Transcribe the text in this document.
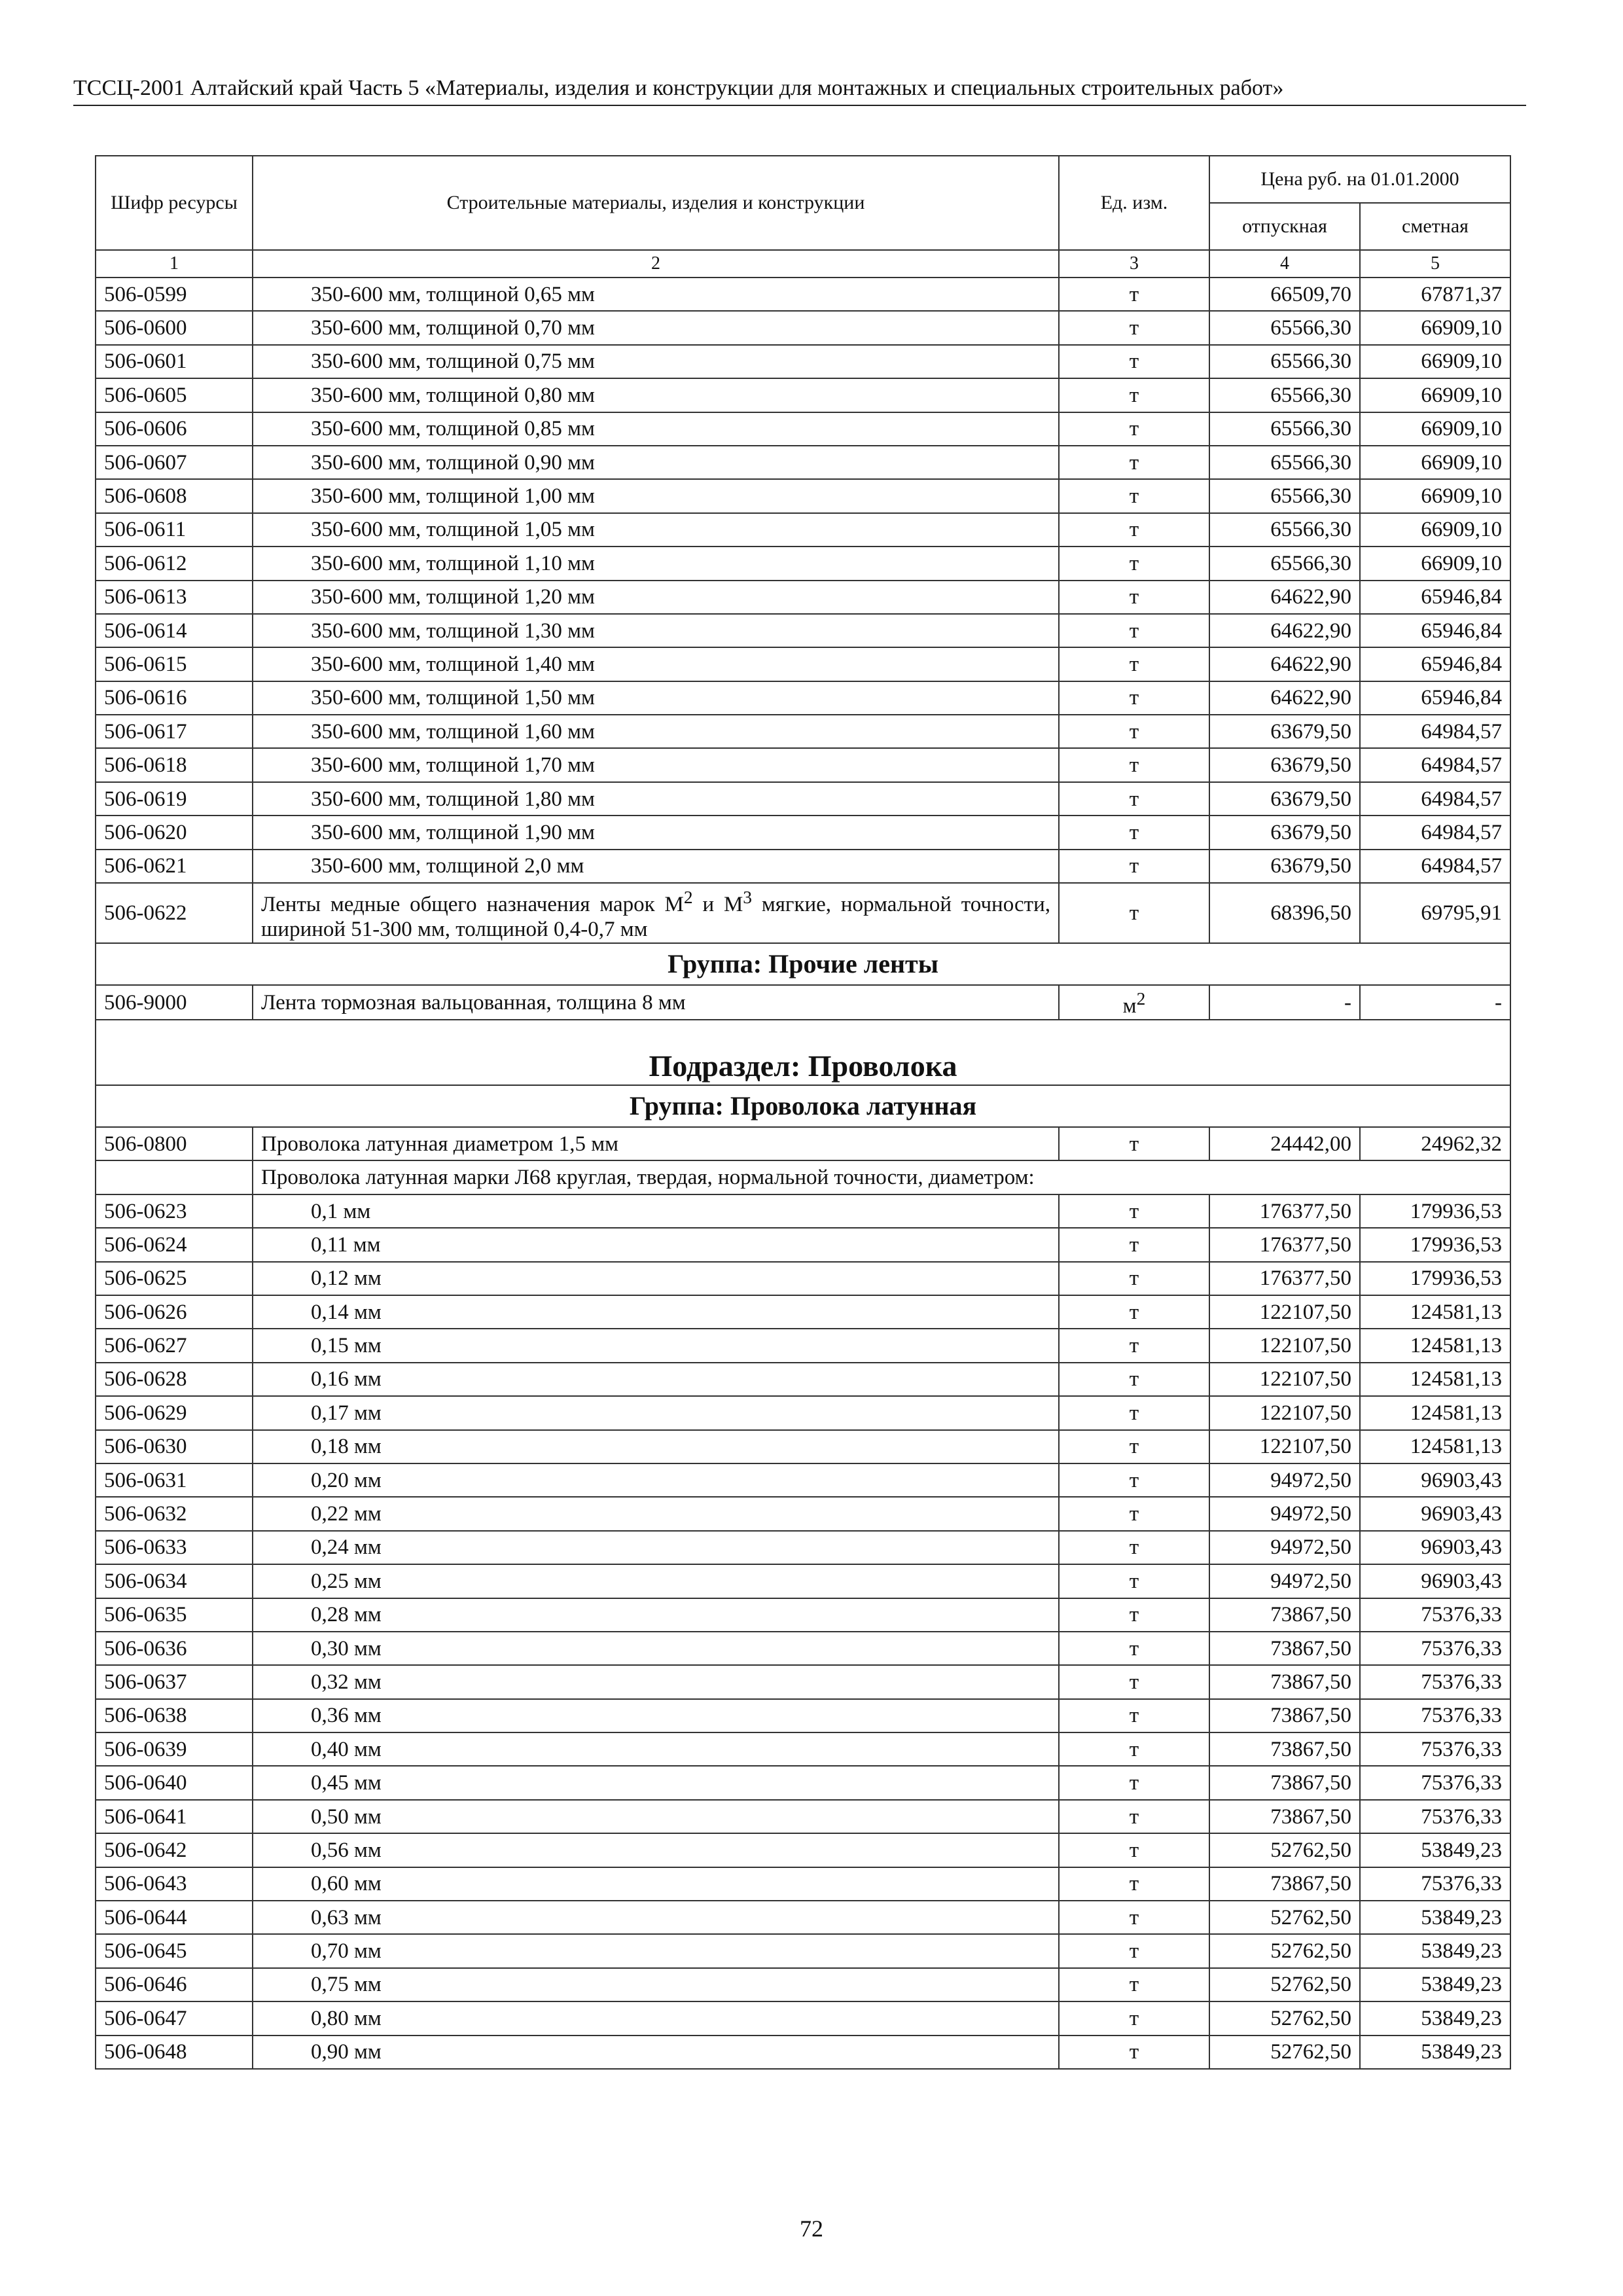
ТССЦ-2001 Алтайский край Часть 5 «Материалы, изделия и конструкции для монтажных и специальных строительных работ»
Шифр ресурсы	Строительные материалы, изделия и конструкции	Ед. изм.	Цена руб. на 01.01.2000	
			отпускная	сметная
1	2	3	4	5
506-0599	350-600 мм, толщиной 0,65 мм	т	66509,70	67871,37
506-0600	350-600 мм, толщиной 0,70 мм	т	65566,30	66909,10
506-0601	350-600 мм, толщиной 0,75 мм	т	65566,30	66909,10
506-0605	350-600 мм, толщиной 0,80 мм	т	65566,30	66909,10
506-0606	350-600 мм, толщиной 0,85 мм	т	65566,30	66909,10
506-0607	350-600 мм, толщиной 0,90 мм	т	65566,30	66909,10
506-0608	350-600 мм, толщиной 1,00 мм	т	65566,30	66909,10
506-0611	350-600 мм, толщиной 1,05 мм	т	65566,30	66909,10
506-0612	350-600 мм, толщиной 1,10 мм	т	65566,30	66909,10
506-0613	350-600 мм, толщиной 1,20 мм	т	64622,90	65946,84
506-0614	350-600 мм, толщиной 1,30 мм	т	64622,90	65946,84
506-0615	350-600 мм, толщиной 1,40 мм	т	64622,90	65946,84
506-0616	350-600 мм, толщиной 1,50 мм	т	64622,90	65946,84
506-0617	350-600 мм, толщиной 1,60 мм	т	63679,50	64984,57
506-0618	350-600 мм, толщиной 1,70 мм	т	63679,50	64984,57
506-0619	350-600 мм, толщиной 1,80 мм	т	63679,50	64984,57
506-0620	350-600 мм, толщиной 1,90 мм	т	63679,50	64984,57
506-0621	350-600 мм, толщиной 2,0 мм	т	63679,50	64984,57
506-0622	Ленты медные общего назначения марок $М^2$ и $М^3$ мягкие, нормальной точности, шириной 51-300 мм, толщиной 0,4-0,7 мм	т	68396,50	69795,91
Группа: Прочие ленты				
506-9000	Лента тормозная вальцованная, толщина 8 мм	$м^2$	-	-
Подраздел: Проволока				
Группа: Проволока латунная				
506-0800	Проволока латунная диаметром 1,5 мм	т	24442,00	24962,32
	Проволока латунная марки Л68 круглая, твердая, нормальной точности, диаметром:			
506-0623	0,1 мм	т	176377,50	179936,53
506-0624	0,11 мм	т	176377,50	179936,53
506-0625	0,12 мм	т	176377,50	179936,53
506-0626	0,14 мм	т	122107,50	124581,13
506-0627	0,15 мм	т	122107,50	124581,13
506-0628	0,16 мм	т	122107,50	124581,13
506-0629	0,17 мм	т	122107,50	124581,13
506-0630	0,18 мм	т	122107,50	124581,13
506-0631	0,20 мм	т	94972,50	96903,43
506-0632	0,22 мм	т	94972,50	96903,43
506-0633	0,24 мм	т	94972,50	96903,43
506-0634	0,25 мм	т	94972,50	96903,43
506-0635	0,28 мм	т	73867,50	75376,33
506-0636	0,30 мм	т	73867,50	75376,33
506-0637	0,32 мм	т	73867,50	75376,33
506-0638	0,36 мм	т	73867,50	75376,33
506-0639	0,40 мм	т	73867,50	75376,33
506-0640	0,45 мм	т	73867,50	75376,33
506-0641	0,50 мм	т	73867,50	75376,33
506-0642	0,56 мм	т	52762,50	53849,23
506-0643	0,60 мм	т	73867,50	75376,33
506-0644	0,63 мм	т	52762,50	53849,23
506-0645	0,70 мм	т	52762,50	53849,23
506-0646	0,75 мм	т	52762,50	53849,23
506-0647	0,80 мм	т	52762,50	53849,23
506-0648	0,90 мм	т	52762,50	53849,23
72
